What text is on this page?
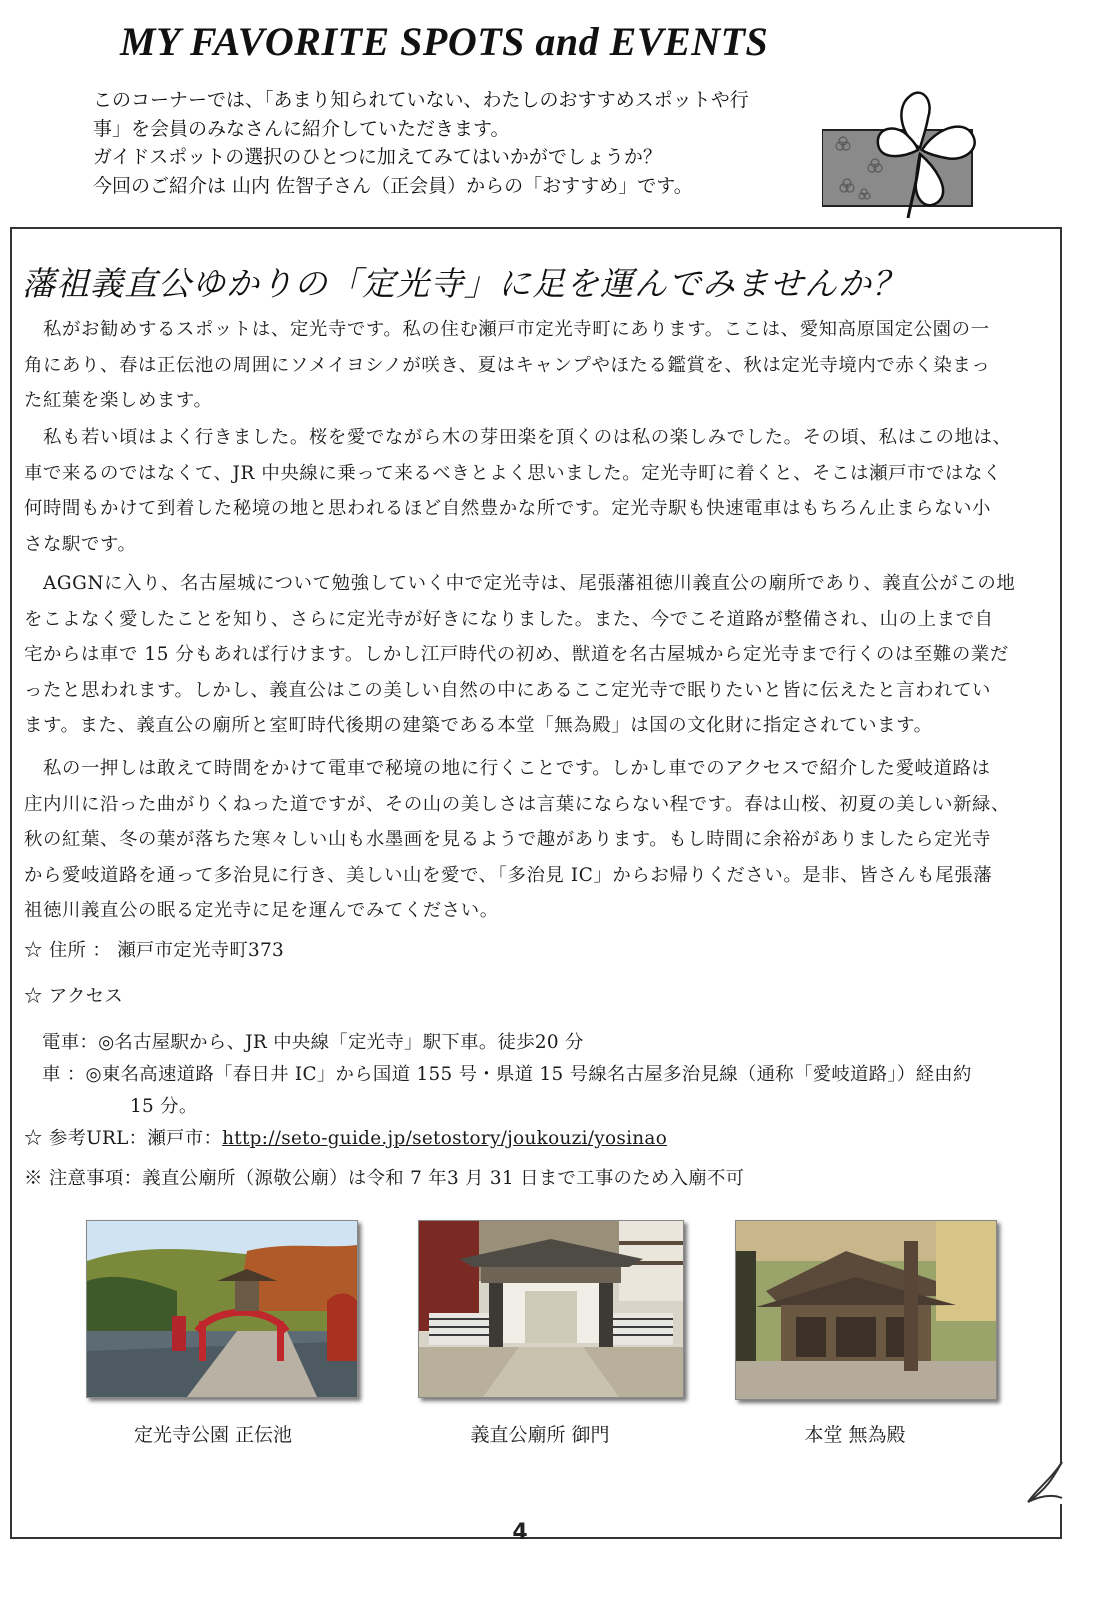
MY FAVORITE SPOTS and EVENTS
このコーナーでは、「あまり知られていない、わたしのおすすめスポットや行
事」を会員のみなさんに紹介していただきます。
ガイドスポットの選択のひとつに加えてみてはいかがでしょうか？
今回のご紹介は 山内 佐智子さん（正会員）からの「おすすめ」です。
藩祖義直公ゆかりの「定光寺」に足を運んでみませんか？
　私がお勧めするスポットは、定光寺です。私の住む瀬戸市定光寺町にあります。ここは、愛知高原国定公園の一
角にあり、春は正伝池の周囲にソメイヨシノが咲き、夏はキャンプやほたる鑑賞を、秋は定光寺境内で赤く染まっ
た紅葉を楽しめます。
　私も若い頃はよく行きました。桜を愛でながら木の芽田楽を頂くのは私の楽しみでした。その頃、私はこの地は、
車で来るのではなくて、JR 中央線に乗って来るべきとよく思いました。定光寺町に着くと、そこは瀬戸市ではなく
何時間もかけて到着した秘境の地と思われるほど自然豊かな所です。定光寺駅も快速電車はもちろん止まらない小
さな駅です。
　AGGNに入り、名古屋城について勉強していく中で定光寺は、尾張藩祖徳川義直公の廟所であり、義直公がこの地
をこよなく愛したことを知り、さらに定光寺が好きになりました。また、今でこそ道路が整備され、山の上まで自
宅からは車で 15 分もあれば行けます。しかし江戸時代の初め、獣道を名古屋城から定光寺まで行くのは至難の業だ
ったと思われます。しかし、義直公はこの美しい自然の中にあるここ定光寺で眠りたいと皆に伝えたと言われてい
ます。また、義直公の廟所と室町時代後期の建築である本堂「無為殿」は国の文化財に指定されています。
　私の一押しは敢えて時間をかけて電車で秘境の地に行くことです。しかし車でのアクセスで紹介した愛岐道路は
庄内川に沿った曲がりくねった道ですが、その山の美しさは言葉にならない程です。春は山桜、初夏の美しい新緑、
秋の紅葉、冬の葉が落ちた寒々しい山も水墨画を見るようで趣があります。もし時間に余裕がありましたら定光寺
から愛岐道路を通って多治見に行き、美しい山を愛で、「多治見 IC」からお帰りください。是非、皆さんも尾張藩
祖徳川義直公の眠る定光寺に足を運んでみてください。
☆ 住所 ： 瀬戸市定光寺町373
☆ アクセス
電車：◎名古屋駅から、JR 中央線「定光寺」駅下車。徒歩20 分
車 ：◎東名高速道路「春日井 IC」から国道 155 号・県道 15 号線名古屋多治見線（通称「愛岐道路」）経由約
15 分。
☆ 参考URL：瀬戸市：http://seto-guide.jp/setostory/joukouzi/yosinao
※ 注意事項：義直公廟所（源敬公廟）は令和 7 年3 月 31 日まで工事のため入廟不可
定光寺公園 正伝池	義直公廟所 御門	本堂 無為殿
4
